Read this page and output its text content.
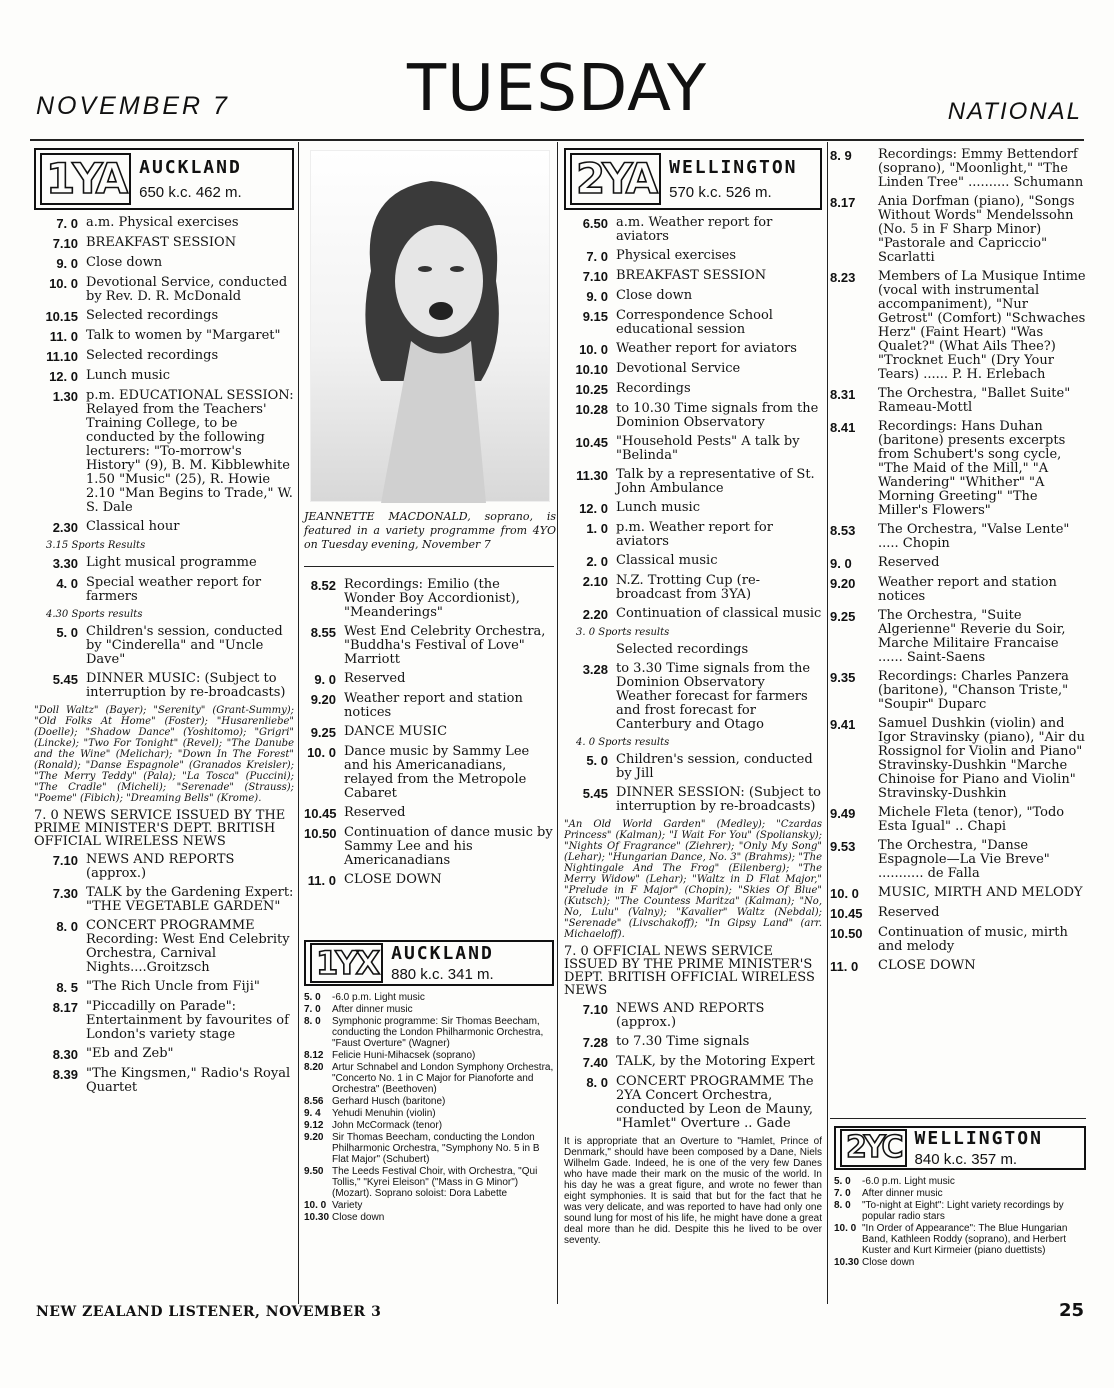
NOVEMBER 7	TUESDAY	NATIONAL
1YA AUCKLAND
650 k.c. 462 m.
7. 0 a.m. Physical exercises
7.10 BREAKFAST SESSION
9. 0 Close down
10. 0 Devotional Service, conducted by Rev. D. R. McDonald
10.15 Selected recordings
11. 0 Talk to women by "Margaret"
11.10 Selected recordings
12. 0 Lunch music
1.30 p.m. EDUCATIONAL SESSION: Relayed from the Teachers' Training College, to be conducted by the following lecturers: "To-morrow's History" (9), B. M. Kibblewhite 1.50 "Music" (25), R. Howie 2.10 "Man Begins to Trade," W. S. Dale
2.30 Classical hour
3.15 Sports Results
3.30 Light musical programme
4. 0 Special weather report for farmers
4.30 Sports results
5. 0 Children's session, conducted by "Cinderella" and "Uncle Dave"
5.45 DINNER MUSIC: (Subject to interruption by re-broadcasts)
"Doll Waltz" (Bayer); "Serenity" (Grant-Summy); "Old Folks At Home" (Foster); "Husarenliebe" (Doelle); "Shadow Dance" (Yoshitomo); "Grigri" (Lincke); "Two For Tonight" (Revel); "The Danube and the Wine" (Melichar); "Down In The Forest" (Ronald); "Danse Espagnole" (Granados Kreisler); "The Merry Teddy" (Pala); "La Tosca" (Puccini); "The Cradle" (Micheli); "Serenade" (Strauss); "Poeme" (Fibich); "Dreaming Bells" (Krome).
7. 0 NEWS SERVICE ISSUED BY THE PRIME MINISTER'S DEPT. BRITISH OFFICIAL WIRELESS NEWS
7.10 NEWS AND REPORTS (approx.)
7.30 TALK by the Gardening Expert: "THE VEGETABLE GARDEN"
8. 0 CONCERT PROGRAMME Recording: West End Celebrity Orchestra, Carnival Nights....Groitzsch
8. 5 "The Rich Uncle from Fiji"
8.17 "Piccadilly on Parade": Entertainment by favourites of London's variety stage
8.30 "Eb and Zeb"
8.39 "The Kingsmen," Radio's Royal Quartet
JEANNETTE MACDONALD, soprano, is featured in a variety programme from 4YO on Tuesday evening, November 7
8.52 Recordings: Emilio (the Wonder Boy Accordionist), "Meanderings"
8.55 West End Celebrity Orchestra, "Buddha's Festival of Love" Marriott
9. 0 Reserved
9.20 Weather report and station notices
9.25 DANCE MUSIC
10. 0 Dance music by Sammy Lee and his Americanadians, relayed from the Metropole Cabaret
10.45 Reserved
10.50 Continuation of dance music by Sammy Lee and his Americanadians
11. 0 CLOSE DOWN
1YX AUCKLAND
880 k.c. 341 m.
5. 0	-6.0 p.m. Light music
7. 0	After dinner music
8. 0	Symphonic programme: Sir Thomas Beecham, conducting the London Philharmonic Orchestra, "Faust Overture" (Wagner)
8.12 Felicie Huni-Mihacsek (soprano)
8.20 Artur Schnabel and London Symphony Orchestra, "Concerto No. 1 in C Major for Pianoforte and Orchestra" (Beethoven)
8.56 Gerhard Husch (baritone)
9. 4	Yehudi Menuhin (violin)
9.12 John McCormack (tenor)
9.20 Sir Thomas Beecham, conducting the London Philharmonic Orchestra, "Symphony No. 5 in B Flat Major" (Schubert)
9.50 The Leeds Festival Choir, with Orchestra, "Qui Tollis," "Kyrei Eleison" ("Mass in G Minor") (Mozart). Soprano soloist: Dora Labette
10. 0 Variety
10.30 Close down
2YA WELLINGTON
570 k.c. 526 m.
6.50 a.m. Weather report for aviators
7. 0 Physical exercises
7.10 BREAKFAST SESSION
9. 0 Close down
9.15 Correspondence School educational session
10. 0 Weather report for aviators
10.10 Devotional Service
10.25 Recordings
10.28 to 10.30 Time signals from the Dominion Observatory
10.45 "Household Pests" A talk by "Belinda"
11.30 Talk by a representative of St. John Ambulance
12. 0 Lunch music
1. 0 p.m. Weather report for aviators
2. 0 Classical music
2.10 N.Z. Trotting Cup (re-broadcast from 3YA)
2.20 Continuation of classical music
3. 0 Sports results
Selected recordings
3.28 to 3.30 Time signals from the Dominion Observatory Weather forecast for farmers and frost forecast for Canterbury and Otago
4. 0 Sports results
5. 0 Children's session, conducted by Jill
5.45 DINNER SESSION: (Subject to interruption by re-broadcasts)
"An Old World Garden" (Medley); "Czardas Princess" (Kalman); "I Wait For You" (Spoliansky); "Nights Of Fragrance" (Ziehrer); "Only My Song" (Lehar); "Hungarian Dance, No. 3" (Brahms); "The Nightingale And The Frog" (Eilenberg); "The Merry Widow" (Lehar); "Waltz in D Flat Major," "Prelude in F Major" (Chopin); "Skies Of Blue" (Kutsch); "The Countess Maritza" (Kalman); "No, No, Lulu" (Valny); "Kavalier" Waltz (Nebdal); "Serenade" (Livschakoff); "In Gipsy Land" (arr. Michaeloff).
7. 0 OFFICIAL NEWS SERVICE ISSUED BY THE PRIME MINISTER'S DEPT. BRITISH OFFICIAL WIRELESS NEWS
7.10 NEWS AND REPORTS (approx.)
7.28 to 7.30 Time signals
7.40 TALK, by the Motoring Expert
8. 0 CONCERT PROGRAMME The 2YA Concert Orchestra, conducted by Leon de Mauny, "Hamlet" Overture .. Gade
It is appropriate that an Overture to "Hamlet, Prince of Denmark," should have been composed by a Dane, Niels Wilhelm Gade. Indeed, he is one of the very few Danes who have made their mark on the music of the world. In his day he was a great figure, and wrote no fewer than eight symphonies. It is said that but for the fact that he was very delicate, and was reported to have had only one sound lung for most of his life, he might have done a great deal more than he did. Despite this he lived to be over seventy.
8. 9	Recordings: Emmy Bettendorf (soprano), "Moonlight," "The Linden Tree" .......... Schumann
8.17	Ania Dorfman (piano), "Songs Without Words" Mendelssohn (No. 5 in F Sharp Minor) "Pastorale and Capriccio" Scarlatti
8.23	Members of La Musique Intime (vocal with instrumental accompaniment), "Nur Getrost" (Comfort) "Schwaches Herz" (Faint Heart) "Was Qualet?" (What Ails Thee?) "Trocknet Euch" (Dry Your Tears) ...... P. H. Erlebach
8.31	The Orchestra, "Ballet Suite" Rameau-Mottl
8.41	Recordings: Hans Duhan (baritone) presents excerpts from Schubert's song cycle, "The Maid of the Mill," "A Wandering" "Whither" "A Morning Greeting" "The Miller's Flowers"
8.53	The Orchestra, "Valse Lente" ..... Chopin
9. 0	Reserved
9.20	Weather report and station notices
9.25	The Orchestra, "Suite Algerienne" Reverie du Soir, Marche Militaire Francaise ...... Saint-Saens
9.35	Recordings: Charles Panzera (baritone), "Chanson Triste," "Soupir" Duparc
9.41	Samuel Dushkin (violin) and Igor Stravinsky (piano), "Air du Rossignol for Violin and Piano" Stravinsky-Dushkin "Marche Chinoise for Piano and Violin" Stravinsky-Dushkin
9.49	Michele Fleta (tenor), "Todo Esta Igual" .. Chapi
9.53	The Orchestra, "Danse Espagnole—La Vie Breve" ........... de Falla
10. 0	MUSIC, MIRTH AND MELODY
10.45	Reserved
10.50	Continuation of music, mirth and melody
11. 0	CLOSE DOWN
2YC WELLINGTON
840 k.c. 357 m.
5. 0	-6.0 p.m. Light music
7. 0	After dinner music
8. 0	"To-night at Eight": Light variety recordings by popular radio stars
10. 0 "In Order of Appearance": The Blue Hungarian Band, Kathleen Roddy (soprano), and Herbert Kuster and Kurt Kirmeier (piano duettists)
10.30 Close down
NEW ZEALAND LISTENER, NOVEMBER 3	25
